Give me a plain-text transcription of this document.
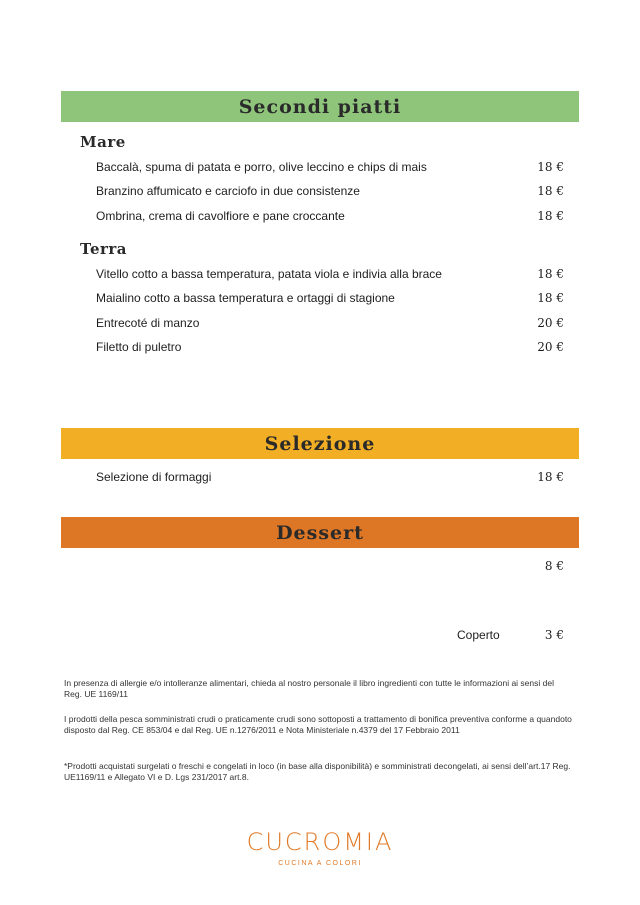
Secondi piatti
Mare
Baccalà, spuma di patata e porro, olive leccino e chips di mais	18 €
Branzino affumicato e carciofo in due consistenze	18 €
Ombrina, crema di cavolfiore e pane croccante	18 €
Terra
Vitello cotto a bassa temperatura, patata viola e indivia alla brace	18 €
Maialino cotto a bassa temperatura e ortaggi di stagione	18 €
Entrecoté di manzo	20 €
Filetto di puletro	20 €
Selezione
Selezione di formaggi	18 €
Dessert
8 €
Coperto	3 €
In presenza di allergie e/o intolleranze alimentari, chieda al nostro personale il libro ingredienti con tutte le informazioni ai sensi del Reg. UE 1169/11
I prodotti della pesca somministrati crudi o praticamente crudi sono sottoposti a trattamento di bonifica preventiva conforme a quandoto disposto dal Reg. CE 853/04 e dal Reg. UE n.1276/2011 e Nota Ministeriale n.4379 del 17 Febbraio 2011
*Prodotti acquistati surgelati o freschi e congelati in loco (in base alla disponibilità) e somministrati decongelati, ai sensi dell’art.17 Reg. UE1169/11 e Allegato VI e D. Lgs 231/2017 art.8.
CUCROMIA
CUCINA A COLORI
